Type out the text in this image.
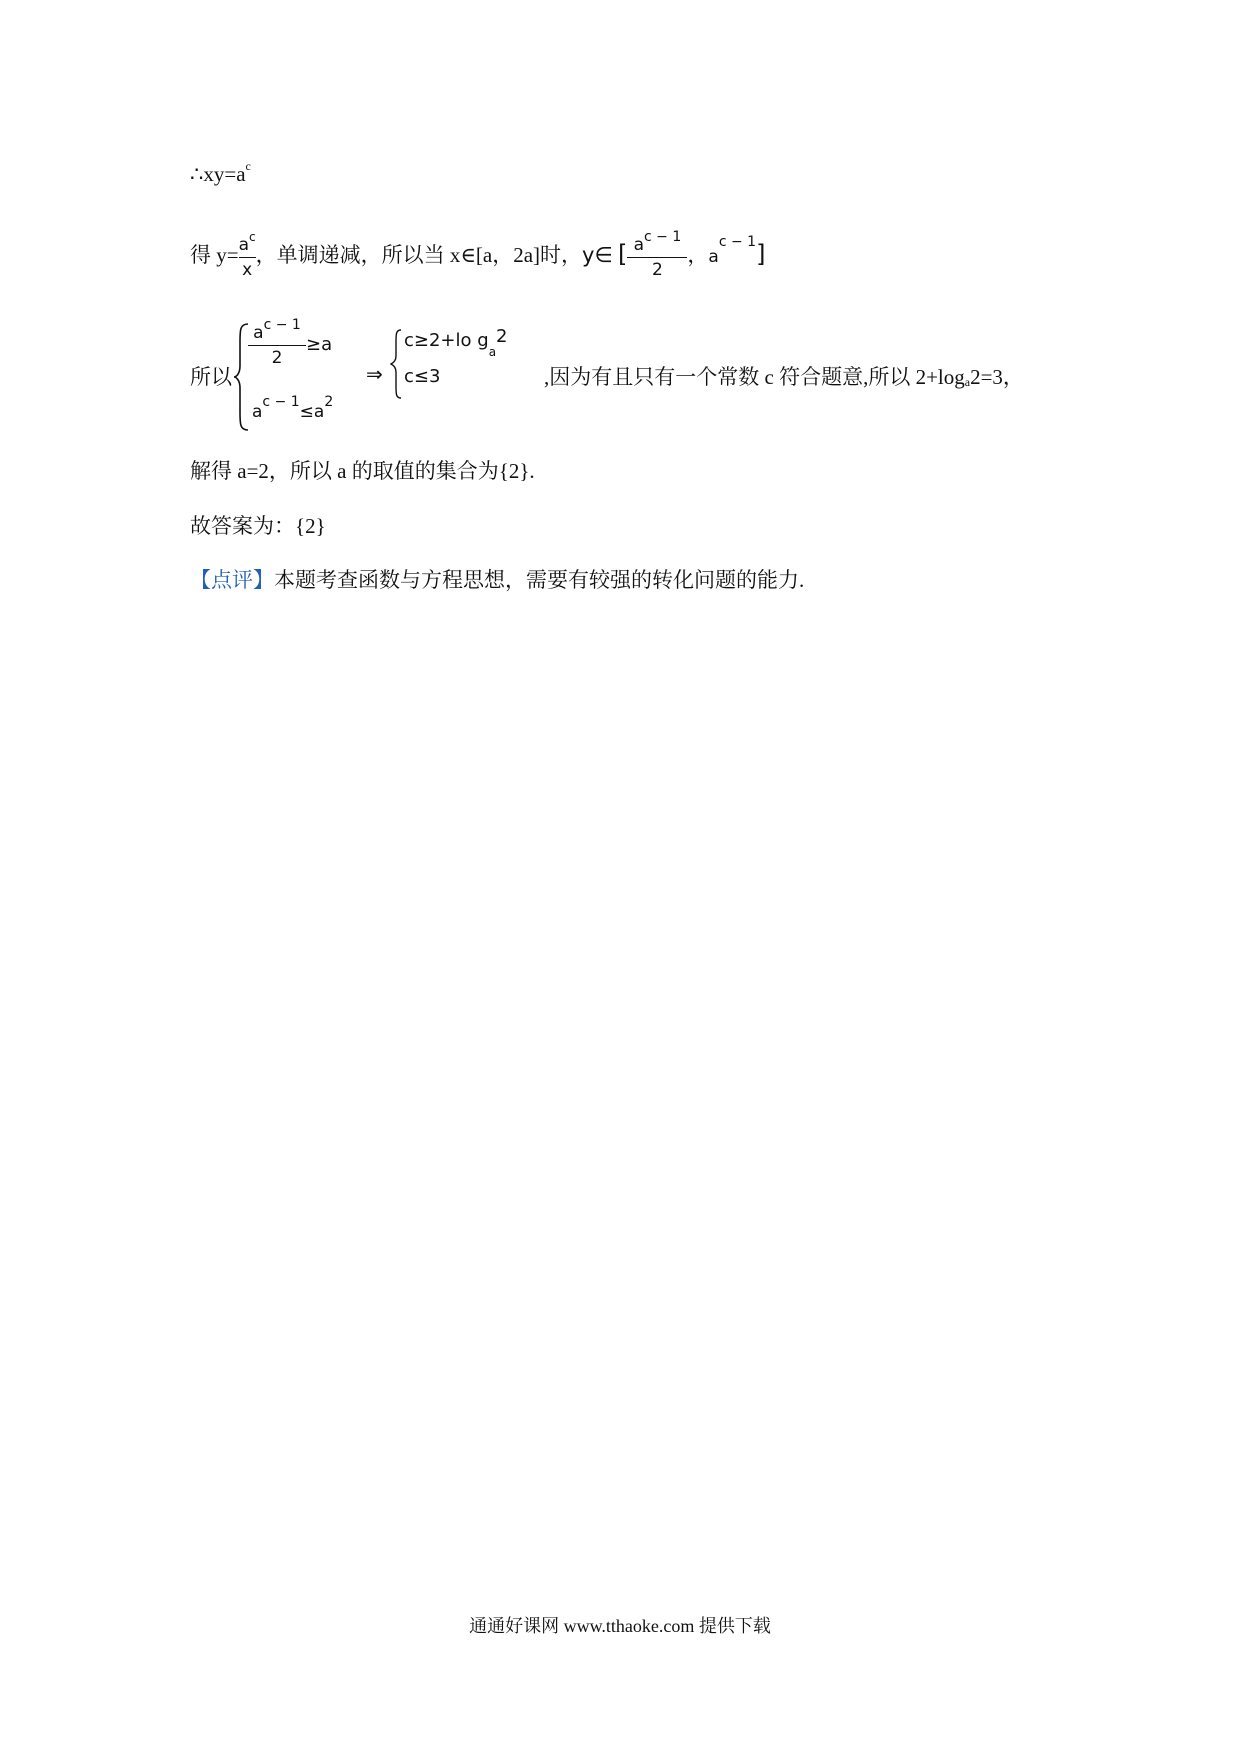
$\therefore xy=a^c$
得 $y= \frac{a^c}{x}$ ，单调递减，所以当 x∈[a，2a]时，y∈ [ $\frac{a^{c - 1}}{2}$ ，$a^{c - 1}$]
所以
$\frac{a^{c - 1}}{2} \ge a$
$a^{c - 1}\le a^2$
⇒
c≥2+lo $g_a2$
c≤3	,因为有且只有一个常数 c 符合题意,所以 $2+\log_a2=3$，
解得 a=2，所以 a 的取值的集合为{2}.
故答案为：{2}
【点评】本题考查函数与方程思想，需要有较强的转化问题的能力.
通通好课网 www.tthaoke.com 提供下载
